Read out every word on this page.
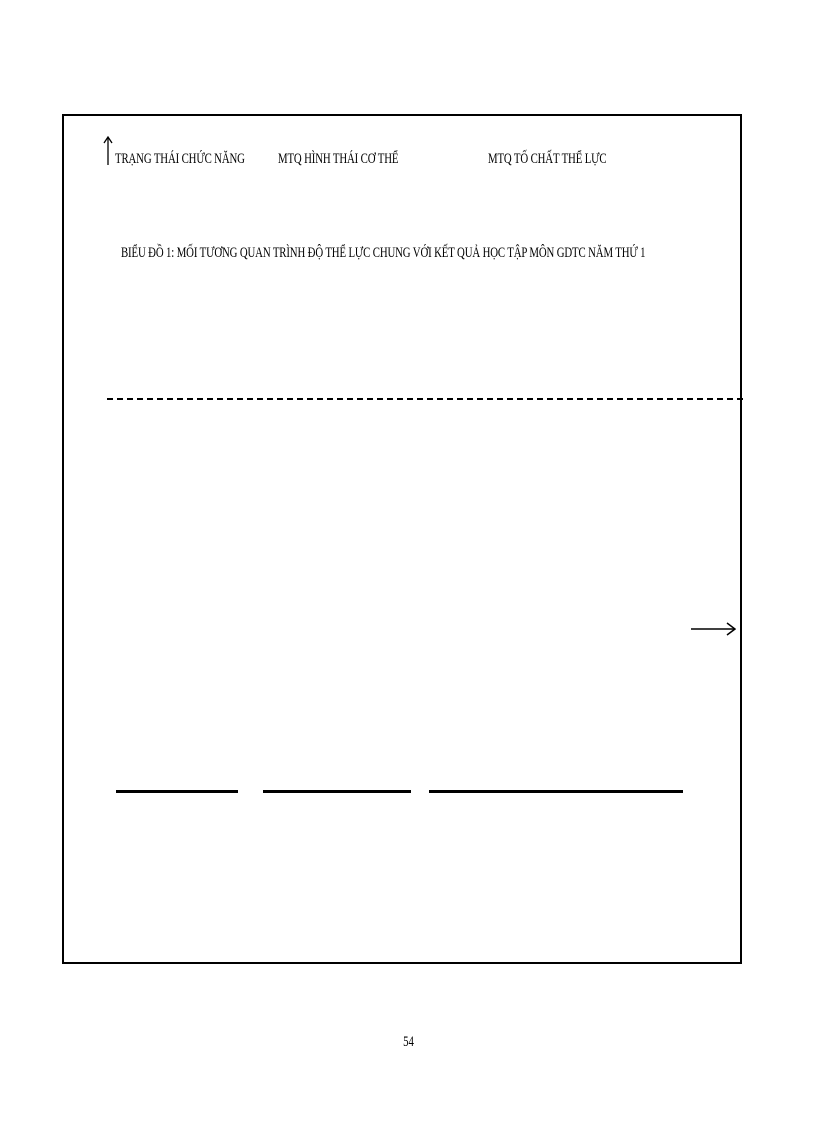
TRẠNG THÁI CHỨC NĂNG MTQ HÌNH THÁI CƠ THỂ	MTQ TỐ CHẤT THỂ LỰC
BIỂU ĐỒ 1: MỐI TƯƠNG QUAN TRÌNH ĐỘ THỂ LỰC CHUNG VỚI KẾT QUẢ HỌC TẬP MÔN GDTC NĂM THỨ 1
54
